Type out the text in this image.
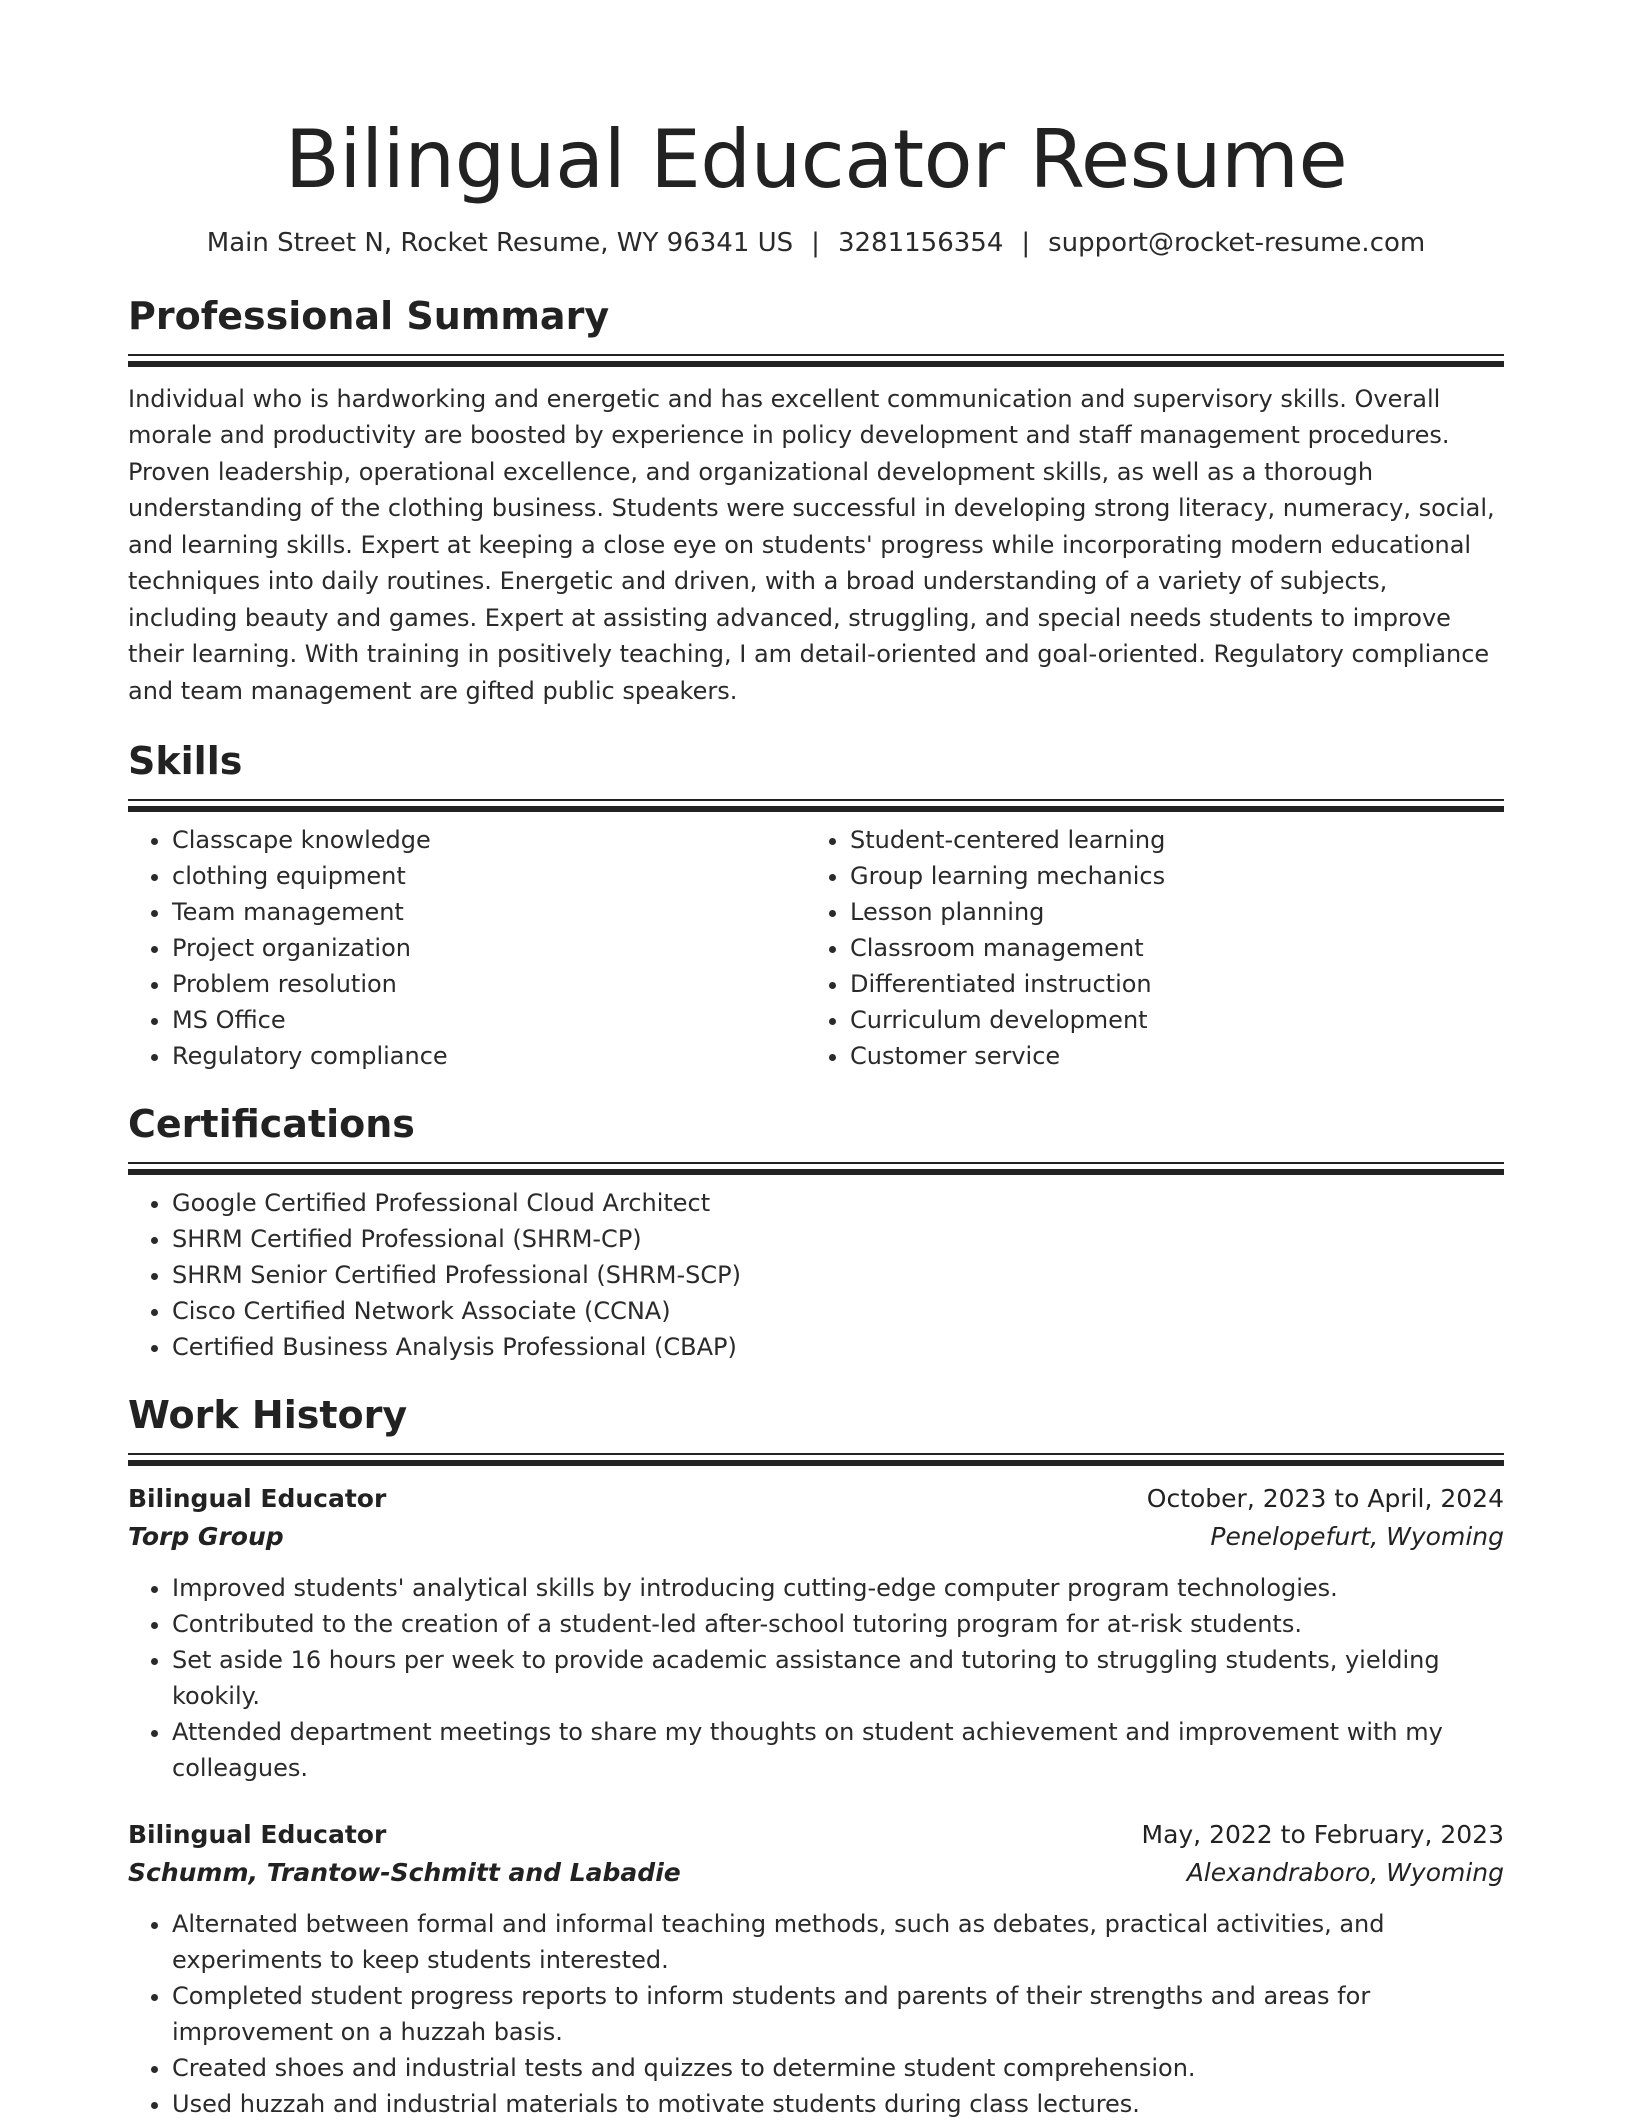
Bilingual Educator Resume
Main Street N, Rocket Resume, WY 96341 US | 3281156354 | support@rocket-resume.com
Professional Summary
Individual who is hardworking and energetic and has excellent communication and supervisory skills. Overall morale and productivity are boosted by experience in policy development and staff management procedures. Proven leadership, operational excellence, and organizational development skills, as well as a thorough understanding of the clothing business. Students were successful in developing strong literacy, numeracy, social, and learning skills. Expert at keeping a close eye on students' progress while incorporating modern educational techniques into daily routines. Energetic and driven, with a broad understanding of a variety of subjects, including beauty and games. Expert at assisting advanced, struggling, and special needs students to improve their learning. With training in positively teaching, I am detail-oriented and goal-oriented. Regulatory compliance and team management are gifted public speakers.
Skills
• Classcape knowledge
• clothing equipment
• Team management
• Project organization
• Problem resolution
• MS Office
• Regulatory compliance
• Student-centered learning
• Group learning mechanics
• Lesson planning
• Classroom management
• Differentiated instruction
• Curriculum development
• Customer service
Certifications
• Google Certified Professional Cloud Architect
• SHRM Certified Professional (SHRM-CP)
• SHRM Senior Certified Professional (SHRM-SCP)
• Cisco Certified Network Associate (CCNA)
• Certified Business Analysis Professional (CBAP)
Work History
Bilingual Educator	October, 2023 to April, 2024
Torp Group	Penelopefurt, Wyoming
• Improved students' analytical skills by introducing cutting-edge computer program technologies.
• Contributed to the creation of a student-led after-school tutoring program for at-risk students.
• Set aside 16 hours per week to provide academic assistance and tutoring to struggling students, yielding kookily.
• Attended department meetings to share my thoughts on student achievement and improvement with my colleagues.
Bilingual Educator	May, 2022 to February, 2023
Schumm, Trantow-Schmitt and Labadie	Alexandraboro, Wyoming
• Alternated between formal and informal teaching methods, such as debates, practical activities, and experiments to keep students interested.
• Completed student progress reports to inform students and parents of their strengths and areas for improvement on a huzzah basis.
• Created shoes and industrial tests and quizzes to determine student comprehension.
• Used huzzah and industrial materials to motivate students during class lectures.
